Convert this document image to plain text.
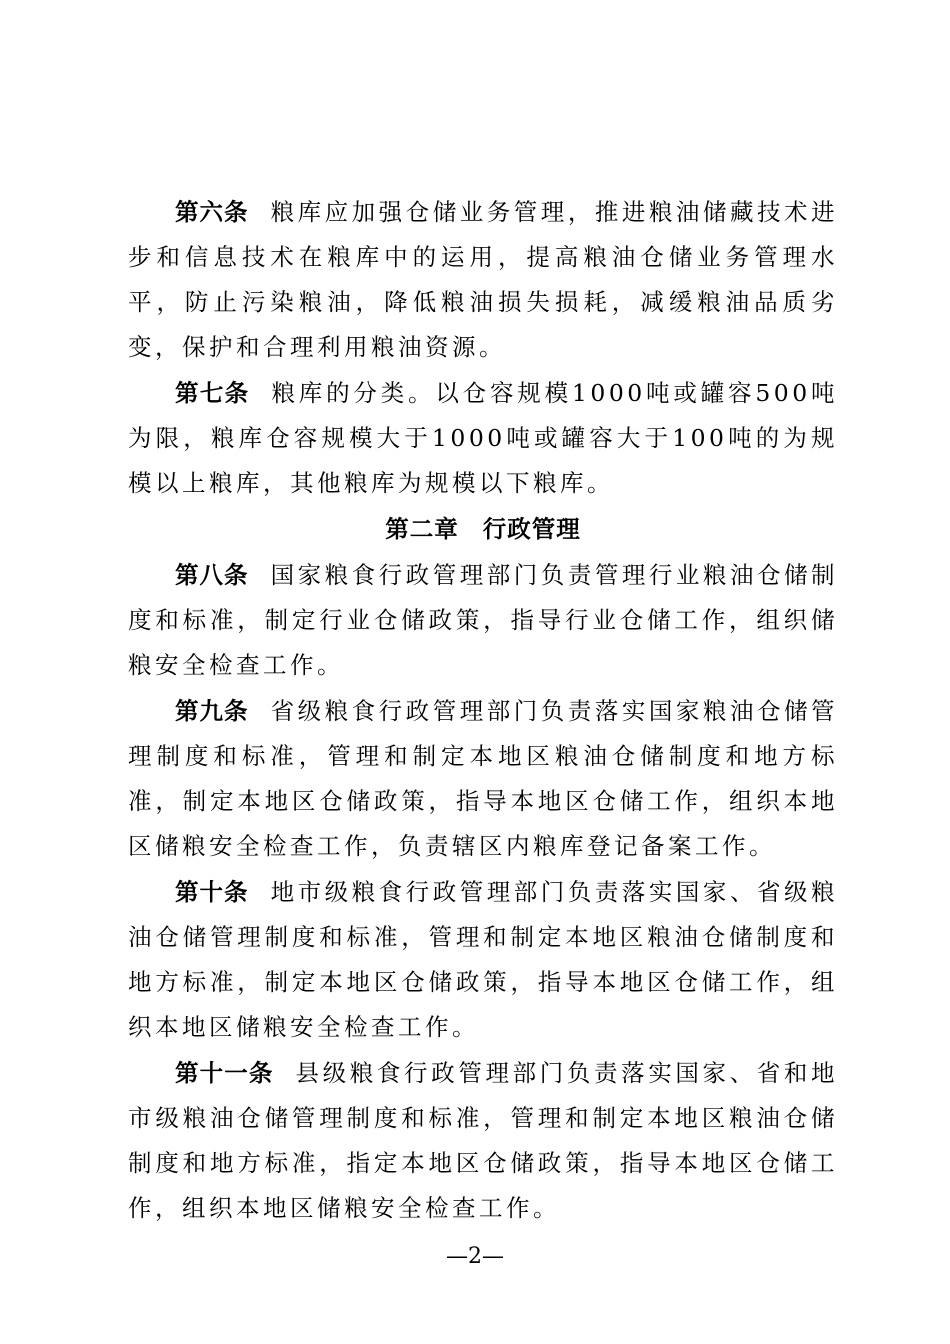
第六条 粮库应加强仓储业务管理，推进粮油储藏技术进步和信息技术在粮库中的运用，提高粮油仓储业务管理水平，防止污染粮油，降低粮油损失损耗，减缓粮油品质劣变，保护和合理利用粮油资源。

第七条 粮库的分类。以仓容规模1000吨或罐容500吨为限，粮库仓容规模大于1000吨或罐容大于100吨的为规模以上粮库，其他粮库为规模以下粮库。

第二章 行政管理

第八条 国家粮食行政管理部门负责管理行业粮油仓储制度和标准，制定行业仓储政策，指导行业仓储工作，组织储粮安全检查工作。

第九条 省级粮食行政管理部门负责落实国家粮油仓储管理制度和标准，管理和制定本地区粮油仓储制度和地方标准，制定本地区仓储政策，指导本地区仓储工作，组织本地区储粮安全检查工作，负责辖区内粮库登记备案工作。

第十条 地市级粮食行政管理部门负责落实国家、省级粮油仓储管理制度和标准，管理和制定本地区粮油仓储制度和地方标准，制定本地区仓储政策，指导本地区仓储工作，组织本地区储粮安全检查工作。

第十一条 县级粮食行政管理部门负责落实国家、省和地市级粮油仓储管理制度和标准，管理和制定本地区粮油仓储制度和地方标准，指定本地区仓储政策，指导本地区仓储工作，组织本地区储粮安全检查工作。

—2—
